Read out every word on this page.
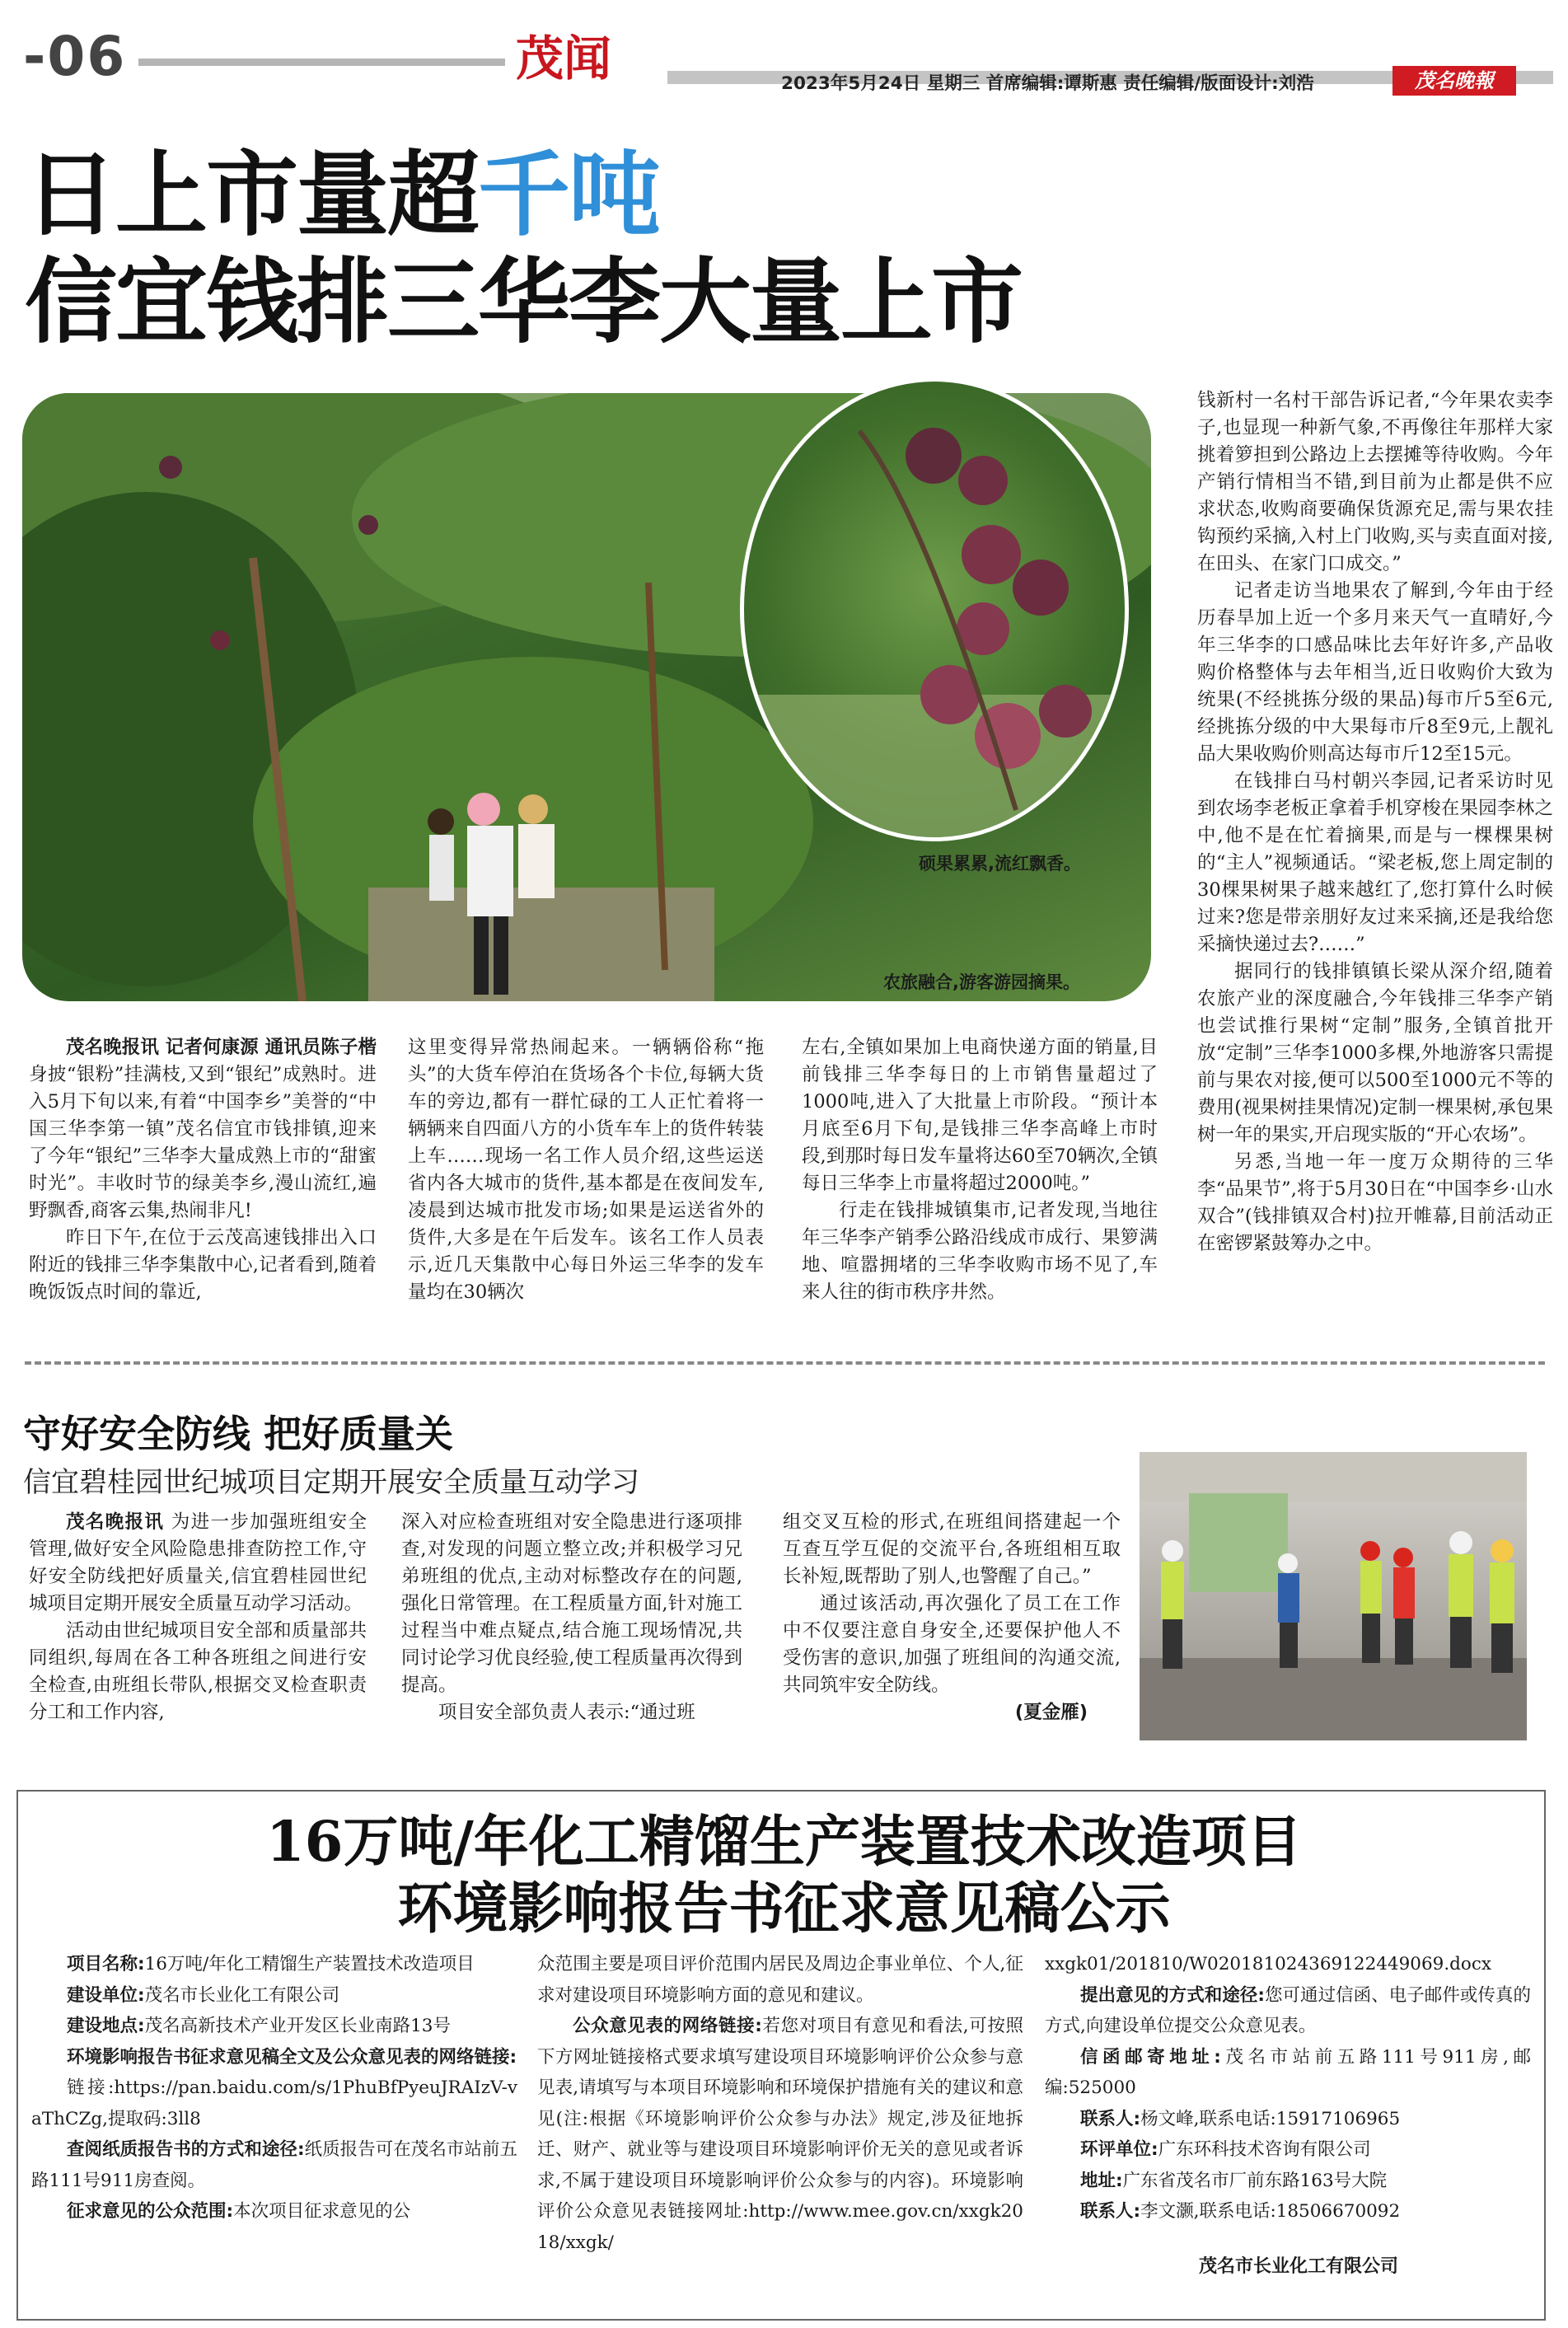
-06	茂闻	2023年5月24日 星期三 首席编辑:谭斯惠 责任编辑/版面设计:刘浩	茂名晚報
日上市量超千吨
信宜钱排三华李大量上市
硕果累累,流红飘香。
农旅融合,游客游园摘果。

钱新村一名村干部告诉记者,“今年果农卖李子,也显现一种新气象,不再像往年那样大家挑着箩担到公路边上去摆摊等待收购。今年产销行情相当不错,到目前为止都是供不应求状态,收购商要确保货源充足,需与果农挂钩预约采摘,入村上门收购,买与卖直面对接,在田头、在家门口成交。”

记者走访当地果农了解到,今年由于经历春旱加上近一个多月来天气一直晴好,今年三华李的口感品味比去年好许多,产品收购价格整体与去年相当,近日收购价大致为统果(不经挑拣分级的果品)每市斤5至6元,经挑拣分级的中大果每市斤8至9元,上靓礼品大果收购价则高达每市斤12至15元。

在钱排白马村朝兴李园,记者采访时见到农场李老板正拿着手机穿梭在果园李林之中,他不是在忙着摘果,而是与一棵棵果树的“主人”视频通话。“梁老板,您上周定制的30棵果树果子越来越红了,您打算什么时候过来?您是带亲朋好友过来采摘,还是我给您采摘快递过去?……”

据同行的钱排镇镇长梁从深介绍,随着农旅产业的深度融合,今年钱排三华李产销也尝试推行果树“定制”服务,全镇首批开放“定制”三华李1000多棵,外地游客只需提前与果农对接,便可以500至1000元不等的费用(视果树挂果情况)定制一棵果树,承包果树一年的果实,开启现实版的“开心农场”。

另悉,当地一年一度万众期待的三华李“品果节”,将于5月30日在“中国李乡·山水双合”(钱排镇双合村)拉开帷幕,目前活动正在密锣紧鼓筹办之中。

茂名晚报讯 记者何康源 通讯员陈子楷 身披“银粉”挂满枝,又到“银纪”成熟时。进入5月下旬以来,有着“中国李乡”美誉的“中国三华李第一镇”茂名信宜市钱排镇,迎来了今年“银纪”三华李大量成熟上市的“甜蜜时光”。丰收时节的绿美李乡,漫山流红,遍野飘香,商客云集,热闹非凡!

昨日下午,在位于云茂高速钱排出入口附近的钱排三华李集散中心,记者看到,随着晚饭饭点时间的靠近,

这里变得异常热闹起来。一辆辆俗称“拖头”的大货车停泊在货场各个卡位,每辆大货车的旁边,都有一群忙碌的工人正忙着将一辆辆来自四面八方的小货车车上的货件转装上车……现场一名工作人员介绍,这些运送省内各大城市的货件,基本都是在夜间发车,凌晨到达城市批发市场;如果是运送省外的货件,大多是在午后发车。该名工作人员表示,近几天集散中心每日外运三华李的发车量均在30辆次

左右,全镇如果加上电商快递方面的销量,目前钱排三华李每日的上市销售量超过了1000吨,进入了大批量上市阶段。“预计本月底至6月下旬,是钱排三华李高峰上市时段,到那时每日发车量将达60至70辆次,全镇每日三华李上市量将超过2000吨。”

行走在钱排城镇集市,记者发现,当地往年三华李产销季公路沿线成市成行、果箩满地、喧嚣拥堵的三华李收购市场不见了,车来人往的街市秩序井然。

守好安全防线 把好质量关
信宜碧桂园世纪城项目定期开展安全质量互动学习

茂名晚报讯 为进一步加强班组安全管理,做好安全风险隐患排查防控工作,守好安全防线把好质量关,信宜碧桂园世纪城项目定期开展安全质量互动学习活动。

活动由世纪城项目安全部和质量部共同组织,每周在各工种各班组之间进行安全检查,由班组长带队,根据交叉检查职责分工和工作内容,

深入对应检查班组对安全隐患进行逐项排查,对发现的问题立整立改;并积极学习兄弟班组的优点,主动对标整改存在的问题,强化日常管理。在工程质量方面,针对施工过程当中难点疑点,结合施工现场情况,共同讨论学习优良经验,使工程质量再次得到提高。

项目安全部负责人表示:“通过班

组交叉互检的形式,在班组间搭建起一个互查互学互促的交流平台,各班组相互取长补短,既帮助了别人,也警醒了自己。”

通过该活动,再次强化了员工在工作中不仅要注意自身安全,还要保护他人不受伤害的意识,加强了班组间的沟通交流,共同筑牢安全防线。

(夏金雁)

16万吨/年化工精馏生产装置技术改造项目
环境影响报告书征求意见稿公示

项目名称:16万吨/年化工精馏生产装置技术改造项目

建设单位:茂名市长业化工有限公司

建设地点:茂名高新技术产业开发区长业南路13号

环境影响报告书征求意见稿全文及公众意见表的网络链接:

链接:https://pan.baidu.com/s/1PhuBfPyeuJRAIzV-vaThCZg,提取码:3ll8

查阅纸质报告书的方式和途径:纸质报告可在茂名市站前五路111号911房查阅。

征求意见的公众范围:本次项目征求意见的公

众范围主要是项目评价范围内居民及周边企事业单位、个人,征求对建设项目环境影响方面的意见和建议。

公众意见表的网络链接:若您对项目有意见和看法,可按照下方网址链接格式要求填写建设项目环境影响评价公众参与意见表,请填写与本项目环境影响和环境保护措施有关的建议和意见(注:根据《环境影响评价公众参与办法》规定,涉及征地拆迁、财产、就业等与建设项目环境影响评价无关的意见或者诉求,不属于建设项目环境影响评价公众参与的内容)。环境影响评价公众意见表链接网址:http://www.mee.gov.cn/xxgk2018/xxgk/

xxgk01/201810/W020181024369122449069.docx

提出意见的方式和途径:您可通过信函、电子邮件或传真的方式,向建设单位提交公众意见表。

信函邮寄地址:茂名市站前五路111号911房,邮编:525000

联系人:杨文峰,联系电话:15917106965

环评单位:广东环科技术咨询有限公司

地址:广东省茂名市厂前东路163号大院

联系人:李文灏,联系电话:18506670092

茂名市长业化工有限公司
